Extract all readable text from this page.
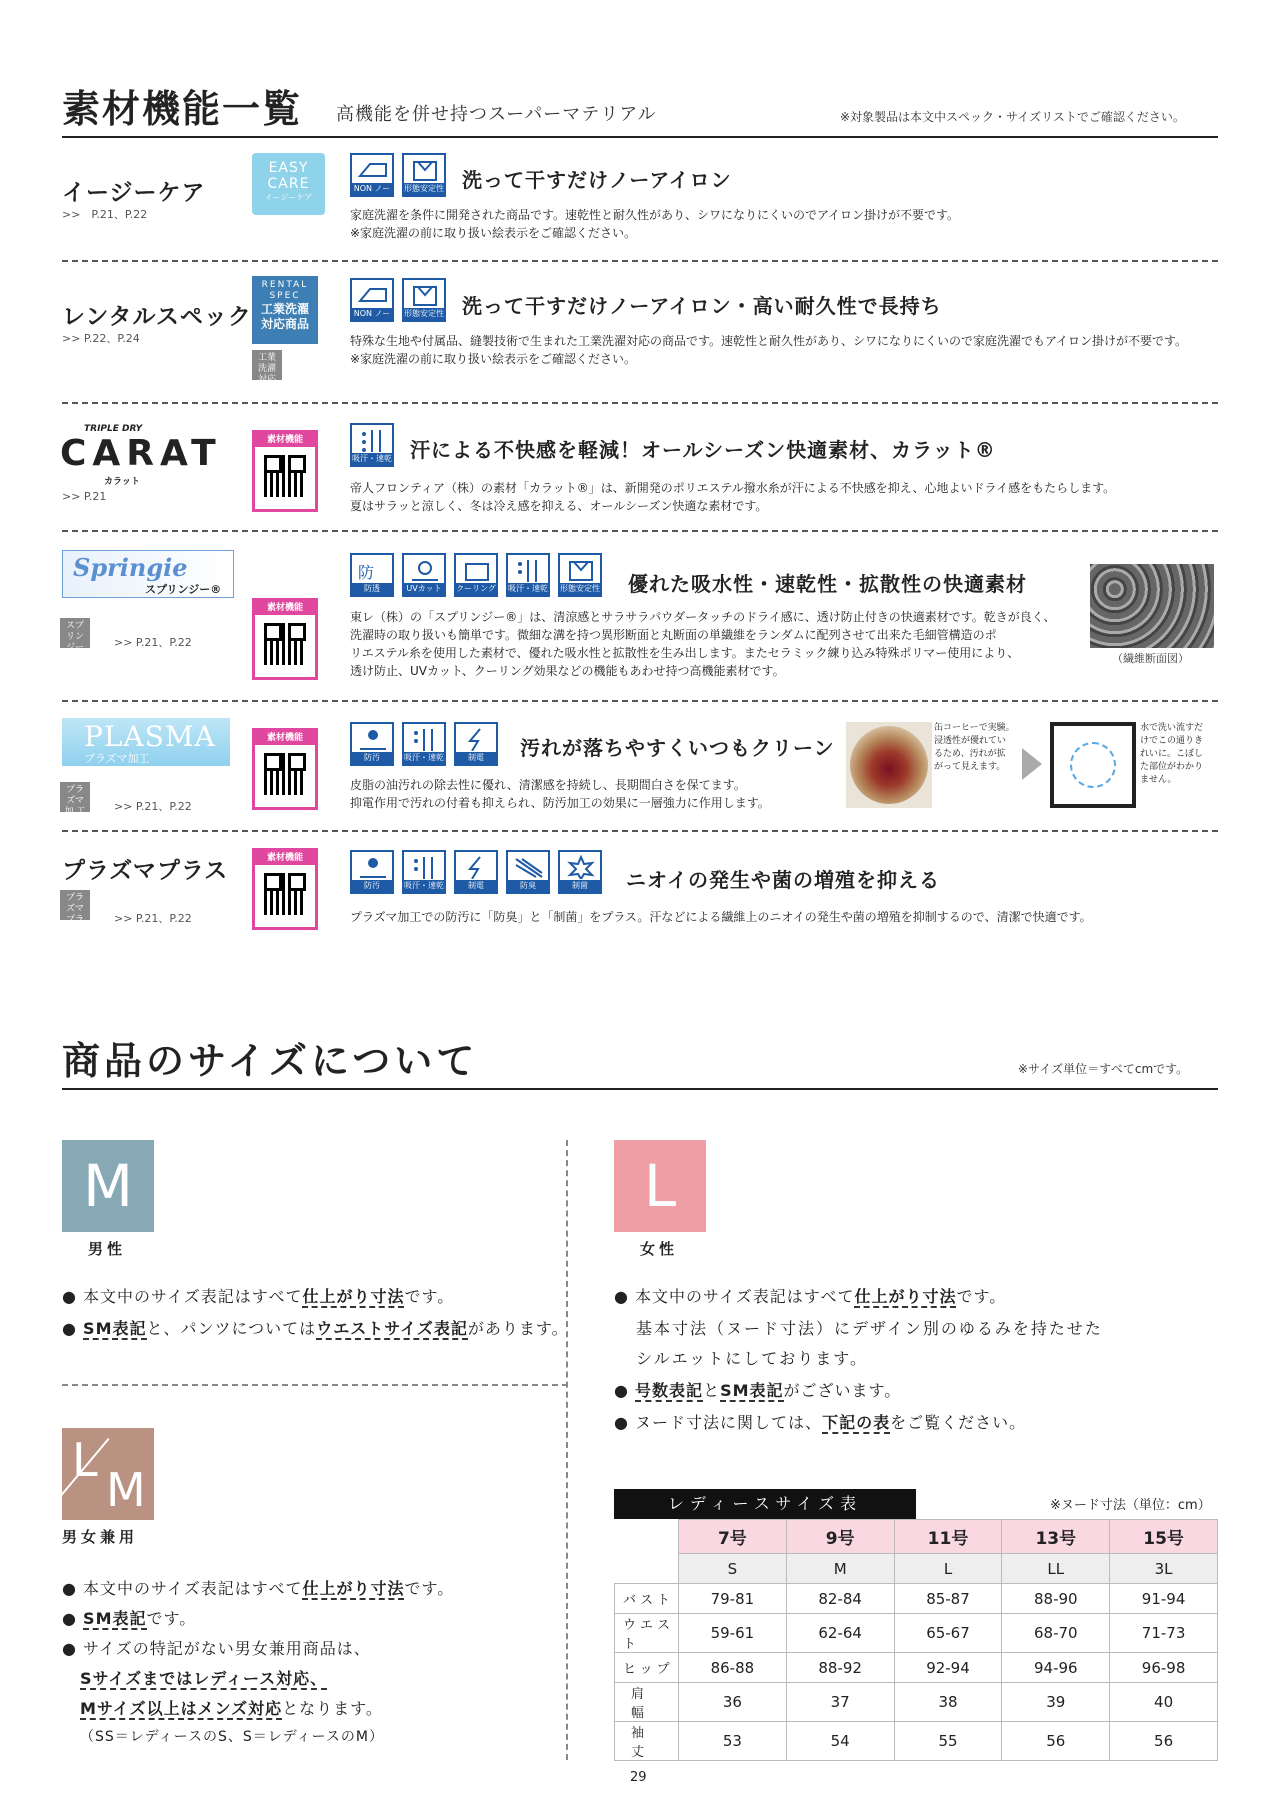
素材機能一覧 高機能を併せ持つスーパーマテリアル	※対象製品は本文中スペック・サイズリストでご確認ください。
イージーケア
>>　P.21、P.22
EASY
CARE
イージーケア
NON ノーアイロン
形態安定性 洗って干すだけノーアイロン
家庭洗濯を条件に開発された商品です。速乾性と耐久性があり、シワになりにくいのでアイロン掛けが不要です。
※家庭洗濯の前に取り扱い絵表示をご確認ください。
レンタルスペック
>> P.22、P.24
RENTAL
SPEC
工業洗濯
対応商品
工業 洗濯対応
NON ノーアイロン
形態安定性 洗って干すだけノーアイロン・高い耐久性で長持ち
特殊な生地や付属品、縫製技術で生まれた工業洗濯対応の商品です。速乾性と耐久性があり、シワになりにくいので家庭洗濯でもアイロン掛けが不要です。
※家庭洗濯の前に取り扱い絵表示をご確認ください。
TRIPLE DRY
CARAT
カラット
>> P.21
素材機能
吸汗・速乾 汗による不快感を軽減！オールシーズン快適素材、カラット®
帝人フロンティア（株）の素材「カラット®」は、新開発のポリエステル撥水糸が汗による不快感を抑え、心地よいドライ感をもたらします。
夏はサラッと涼しく、冬は冷え感を抑える、オールシーズン快適な素材です。
Springie
スプリンジー®
スプリンジー	>> P.21、P.22
素材機能
防
防透	UVカット クーリング 吸汗・速乾 形態安定性 優れた吸水性・速乾性・拡散性の快適素材
東レ（株）の「スプリンジー®」は、清涼感とサラサラパウダータッチのドライ感に、透け防止付きの快適素材です。乾きが良く、
洗濯時の取り扱いも簡単です。微細な溝を持つ異形断面と丸断面の単繊維をランダムに配列させて出来た毛細管構造のポ
リエステル糸を使用した素材で、優れた吸水性と拡散性を生み出します。またセラミック練り込み特殊ポリマー使用により、
透け防止、UVカット、クーリング効果などの機能もあわせ持つ高機能素材です。
（繊維断面図）
PLASMA
プラズマ加工
プラズマ 加 工	>> P.21、P.22
素材機能
防汚	吸汗・速乾	制電	汚れが落ちやすくいつもクリーン
皮脂の油汚れの除去性に優れ、清潔感を持続し、長期間白さを保てます。
抑電作用で汚れの付着も抑えられ、防汚加工の効果に一層強力に作用します。
缶コーヒーで実験。
浸透性が優れてい
るため、汚れが拡
がって見えます。
水で洗い流すだ
けでこの通りき
れいに。こぼし
た部位がわかり
ません。
プラズマプラス
プラズマ プラス
>> P.21、P.22
素材機能
防汚	吸汗・速乾	制電	防臭	制菌	ニオイの発生や菌の増殖を抑える
プラズマ加工での防汚に「防臭」と「制菌」をプラス。汗などによる繊維上のニオイの発生や菌の増殖を抑制するので、清潔で快適です。
商品のサイズについて	※サイズ単位＝すべてcmです。
M
男性
● 本文中のサイズ表記はすべて仕上がり寸法です。
● SM表記と、パンツについてはウエストサイズ表記があります。
L
M
男女兼用
● 本文中のサイズ表記はすべて仕上がり寸法です。
● SM表記です。
● サイズの特記がない男女兼用商品は、
Sサイズまではレディース対応、
Mサイズ以上はメンズ対応となります。
（SS＝レディースのS、S＝レディースのM）
L
女性
● 本文中のサイズ表記はすべて仕上がり寸法です。
基本寸法（ヌード寸法）にデザイン別のゆるみを持たせた
シルエットにしております。
● 号数表記とSM表記がございます。
● ヌード寸法に関しては、下記の表をご覧ください。
レディースサイズ表	※ヌード寸法（単位：cm）
	7号	9号	11号	13号	15号
	S	M	L	LL	3L
バスト	79-81	82-84	85-87	88-90	91-94
ウエスト	59-61	62-64	65-67	68-70	71-73
ヒップ	86-88	88-92	92-94	94-96	96-98
肩幅	36	37	38	39	40
袖丈	53	54	55	56	56
29
